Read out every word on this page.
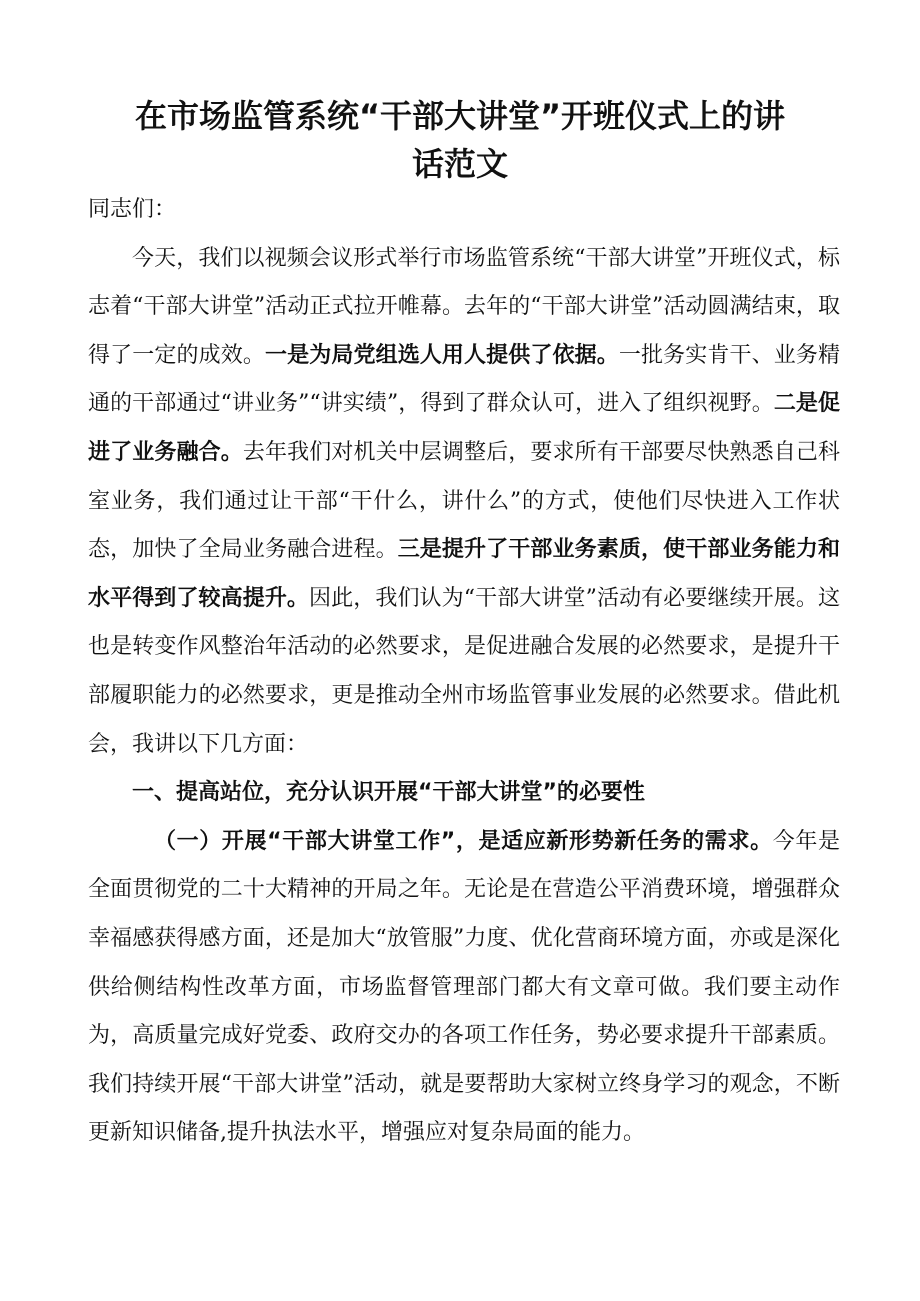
在市场监管系统“干部大讲堂”开班仪式上的讲
话范文

同志们：

今天，我们以视频会议形式举行市场监管系统“干部大讲堂”开班仪式，标志着“干部大讲堂”活动正式拉开帷幕。去年的“干部大讲堂”活动圆满结束，取得了一定的成效。一是为局党组选人用人提供了依据。一批务实肯干、业务精通的干部通过“讲业务”“讲实绩”，得到了群众认可，进入了组织视野。二是促进了业务融合。去年我们对机关中层调整后，要求所有干部要尽快熟悉自己科室业务，我们通过让干部“干什么，讲什么”的方式，使他们尽快进入工作状态，加快了全局业务融合进程。三是提升了干部业务素质，使干部业务能力和水平得到了较高提升。因此，我们认为“干部大讲堂”活动有必要继续开展。这也是转变作风整治年活动的必然要求，是促进融合发展的必然要求，是提升干部履职能力的必然要求，更是推动全州市场监管事业发展的必然要求。借此机会，我讲以下几方面：

一、提高站位，充分认识开展“干部大讲堂”的必要性

（一）开展“干部大讲堂工作”，是适应新形势新任务的需求。今年是全面贯彻党的二十大精神的开局之年。无论是在营造公平消费环境，增强群众幸福感获得感方面，还是加大“放管服”力度、优化营商环境方面，亦或是深化供给侧结构性改革方面，市场监督管理部门都大有文章可做。我们要主动作为，高质量完成好党委、政府交办的各项工作任务，势必要求提升干部素质。我们持续开展“干部大讲堂”活动，就是要帮助大家树立终身学习的观念，不断更新知识储备,提升执法水平，增强应对复杂局面的能力。
